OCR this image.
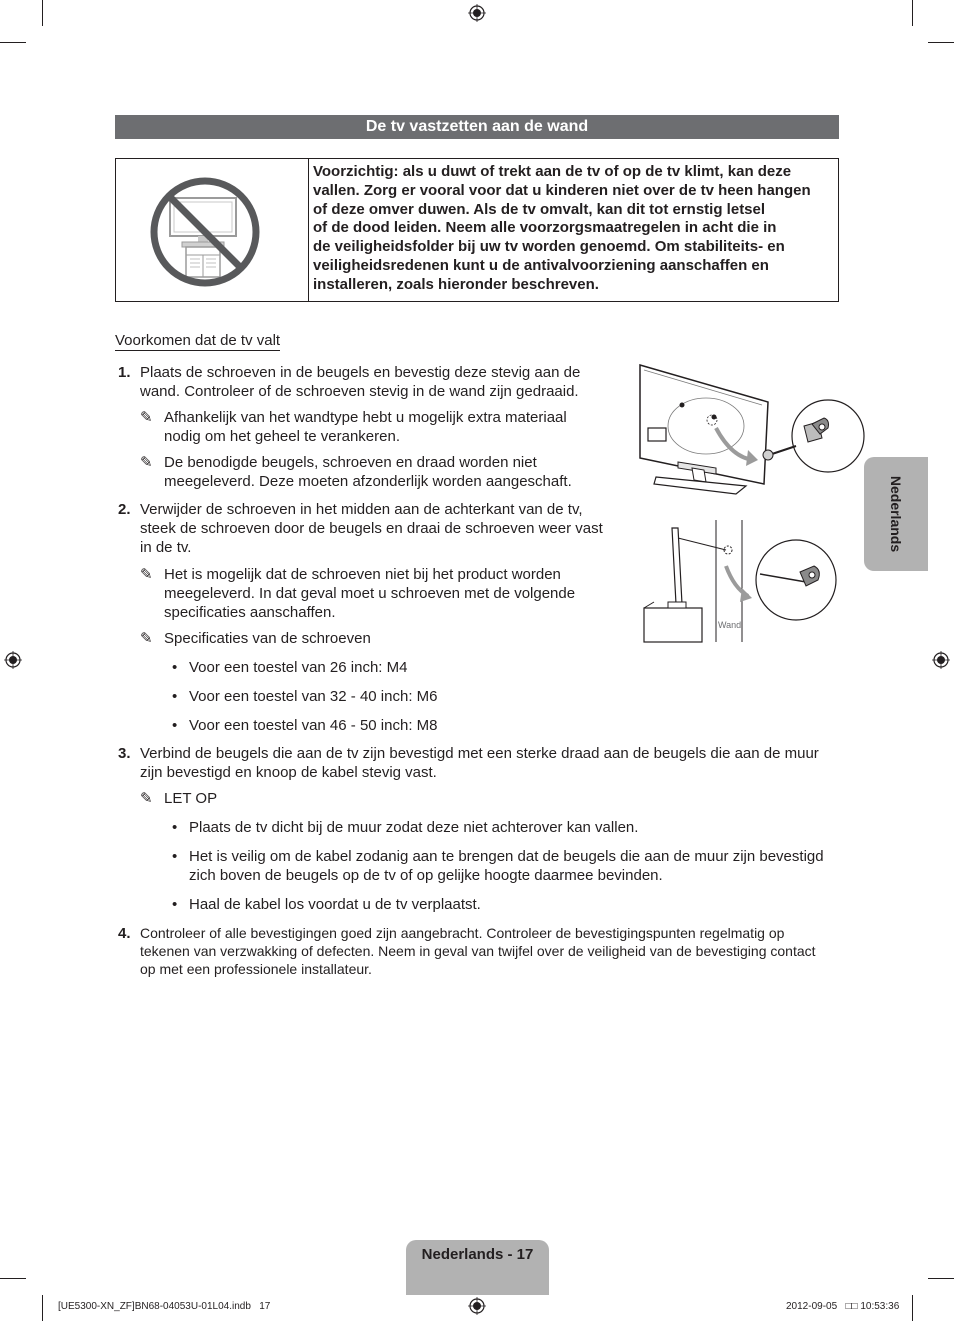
De tv vastzetten aan de wand
Voorzichtig: als u duwt of trekt aan de tv of op de tv klimt, kan deze
vallen. Zorg er vooral voor dat u kinderen niet over de tv heen hangen
of deze omver duwen. Als de tv omvalt, kan dit tot ernstig letsel
of de dood leiden. Neem alle voorzorgsmaatregelen in acht die in
de veiligheidsfolder bij uw tv worden genoemd. Om stabiliteits- en
veiligheidsredenen kunt u de antivalvoorziening aanschaffen en
installeren, zoals hieronder beschreven.
Voorkomen dat de tv valt
1. Plaats de schroeven in de beugels en bevestig deze stevig aan de
wand. Controleer of de schroeven stevig in de wand zijn gedraaid.
✎ Afhankelijk van het wandtype hebt u mogelijk extra materiaal
nodig om het geheel te verankeren.
✎ De benodigde beugels, schroeven en draad worden niet
meegeleverd. Deze moeten afzonderlijk worden aangeschaft.
2. Verwijder de schroeven in het midden aan de achterkant van de tv,
steek de schroeven door de beugels en draai de schroeven weer vast
in de tv.
✎ Het is mogelijk dat de schroeven niet bij het product worden
meegeleverd. In dat geval moet u schroeven met de volgende
specificaties aanschaffen.
✎ Specificaties van de schroeven
• Voor een toestel van 26 inch: M4
• Voor een toestel van 32 - 40 inch: M6
• Voor een toestel van 46 - 50 inch: M8
3. Verbind de beugels die aan de tv zijn bevestigd met een sterke draad aan de beugels die aan de muur
zijn bevestigd en knoop de kabel stevig vast.
✎ LET OP
• Plaats de tv dicht bij de muur zodat deze niet achterover kan vallen.
• Het is veilig om de kabel zodanig aan te brengen dat de beugels die aan de muur zijn bevestigd
zich boven de beugels op de tv of op gelijke hoogte daarmee bevinden.
• Haal de kabel los voordat u de tv verplaatst.
4. Controleer of alle bevestigingen goed zijn aangebracht. Controleer de bevestigingspunten regelmatig op
tekenen van verzwakking of defecten. Neem in geval van twijfel over de veiligheid van de bevestiging contact
op met een professionele installateur.
Wand
Nederlands
Nederlands - 17
[UE5300-XN_ZF]BN68-04053U-01L04.indb   17	2012-09-05   □□ 10:53:36
